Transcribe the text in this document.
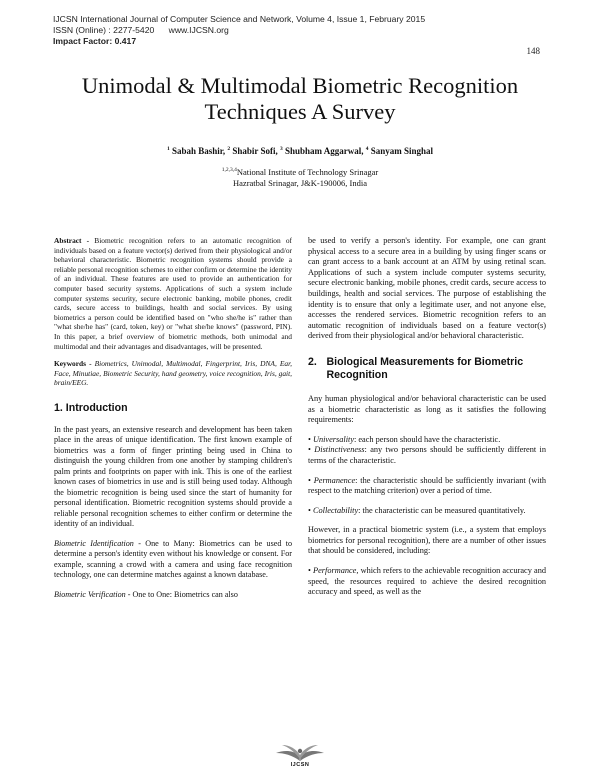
IJCSN International Journal of Computer Science and Network, Volume 4, Issue 1, February 2015
ISSN (Online) : 2277-5420 www.IJCSN.org
Impact Factor: 0.417
148
Unimodal & Multimodal Biometric Recognition Techniques A Survey
$^1$ Sabah Bashir, $^2$ Shabir Sofi, $^3$ Shubham Aggarwal, $^4$ Sanyam Singhal
$^{1,2,3,4}$National Institute of Technology Srinagar
Hazratbal Srinagar, J&K-190006, India

Abstract - Biometric recognition refers to an automatic recognition of individuals based on a feature vector(s) derived from their physiological and/or behavioral characteristic. Biometric recognition systems should provide a reliable personal recognition schemes to either confirm or determine the identity of an individual. These features are used to provide an authentication for computer based security systems. Applications of such a system include computer systems security, secure electronic banking, mobile phones, credit cards, secure access to buildings, health and social services. By using biometrics a person could be identified based on "who she/he is" rather than "what she/he has" (card, token, key) or "what she/he knows" (password, PIN). In this paper, a brief overview of biometric methods, both unimodal and multimodal and their advantages and disadvantages, will be presented.

Keywords - Biometrics, Unimodal, Multimodal, Fingerprint, Iris, DNA, Ear, Face, Minutiae, Biometric Security, hand geometry, voice recognition, Iris, gait, brain/EEG.

1. Introduction

In the past years, an extensive research and development has been taken place in the areas of unique identification. The first known example of biometrics was a form of finger printing being used in China to distinguish the young children from one another by stamping children's palm prints and footprints on paper with ink. This is one of the earliest known cases of biometrics in use and is still being used today. Although the biometric recognition is being used since the start of humanity for personal identification. Biometric recognition systems should provide a reliable personal recognition schemes to either confirm or determine the identity of an individual.

Biometric Identification - One to Many: Biometrics can be used to determine a person's identity even without his knowledge or consent. For example, scanning a crowd with a camera and using face recognition technology, one can determine matches against a known database.

Biometric Verification - One to One: Biometrics can also

be used to verify a person's identity. For example, one can grant physical access to a secure area in a building by using finger scans or can grant access to a bank account at an ATM by using retinal scan. Applications of such a system include computer systems security, secure electronic banking, mobile phones, credit cards, secure access to buildings, health and social services. The purpose of establishing the identity is to ensure that only a legitimate user, and not anyone else, accesses the rendered services. Biometric recognition refers to an automatic recognition of individuals based on a feature vector(s) derived from their physiological and/or behavioral characteristic.

2. Biological Measurements for Biometric Recognition

Any human physiological and/or behavioral characteristic can be used as a biometric characteristic as long as it satisfies the following requirements:

• Universality: each person should have the characteristic.
• Distinctiveness: any two persons should be sufficiently different in terms of the characteristic.

• Permanence: the characteristic should be sufficiently invariant (with respect to the matching criterion) over a period of time.

• Collectability: the characteristic can be measured quantitatively.

However, in a practical biometric system (i.e., a system that employs biometrics for personal recognition), there are a number of other issues that should be considered, including:

• Performance, which refers to the achievable recognition accuracy and speed, the resources required to achieve the desired recognition accuracy and speed, as well as the

IJCSN
